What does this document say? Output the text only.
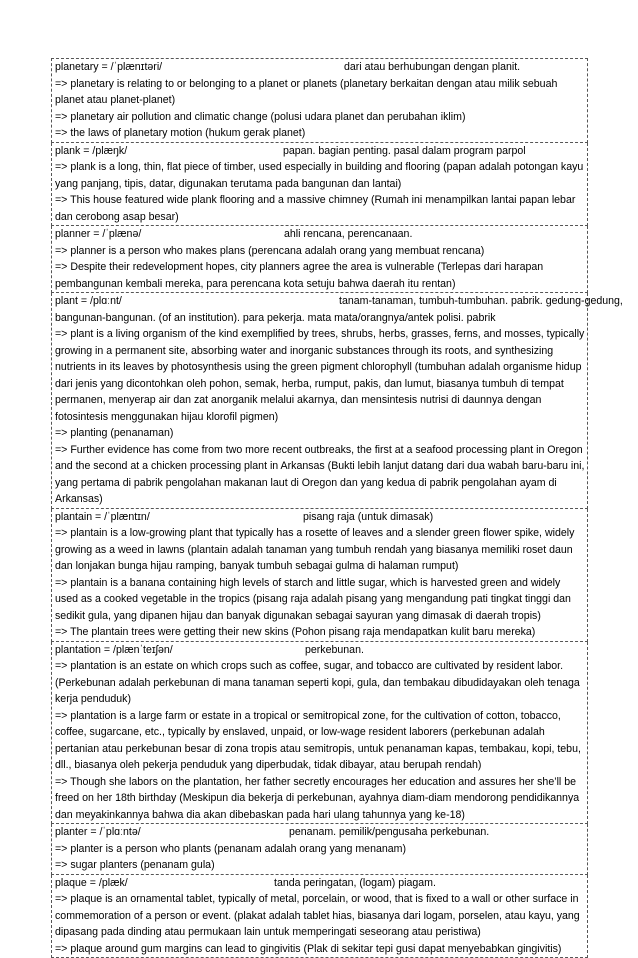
planetary = /ˈplænɪtəri/	dari atau berhubungan dengan planit.
=> planetary is relating to or belonging to a planet or planets (planetary berkaitan dengan atau milik sebuah planet atau planet-planet)
=> planetary air pollution and climatic change (polusi udara planet dan perubahan iklim)
=> the laws of planetary motion (hukum gerak planet)
plank = /plæŋk/	papan. bagian penting. pasal dalam program parpol
=> plank is a long, thin, flat piece of timber, used especially in building and flooring (papan adalah potongan kayu yang panjang, tipis, datar, digunakan terutama pada bangunan dan lantai)
=> This house featured wide plank flooring and a massive chimney (Rumah ini menampilkan lantai papan lebar dan cerobong asap besar)
planner = /ˈplænə/	ahli rencana, perencanaan.
=> planner is a person who makes plans (perencana adalah orang yang membuat rencana)
=> Despite their redevelopment hopes, city planners agree the area is vulnerable (Terlepas dari harapan pembangunan kembali mereka, para perencana kota setuju bahwa daerah itu rentan)
plant = /plɑːnt/	tanam-tanaman, tumbuh-tumbuhan. pabrik. gedung-gedung,
bangunan-bangunan. (of an institution). para pekerja. mata mata/orangnya/antek polisi. pabrik
=> plant is a living organism of the kind exemplified by trees, shrubs, herbs, grasses, ferns, and mosses, typically growing in a permanent site, absorbing water and inorganic substances through its roots, and synthesizing nutrients in its leaves by photosynthesis using the green pigment chlorophyll (tumbuhan adalah organisme hidup dari jenis yang dicontohkan oleh pohon, semak, herba, rumput, pakis, dan lumut, biasanya tumbuh di tempat permanen, menyerap air dan zat anorganik melalui akarnya, dan mensintesis nutrisi di daunnya dengan fotosintesis menggunakan hijau klorofil pigmen)
=> planting (penanaman)
=> Further evidence has come from two more recent outbreaks, the first at a seafood processing plant in Oregon and the second at a chicken processing plant in Arkansas (Bukti lebih lanjut datang dari dua wabah baru-baru ini, yang pertama di pabrik pengolahan makanan laut di Oregon dan yang kedua di pabrik pengolahan ayam di Arkansas)
plantain = /ˈplæntɪn/	pisang raja (untuk dimasak)
=> plantain is a low-growing plant that typically has a rosette of leaves and a slender green flower spike, widely growing as a weed in lawns (plantain adalah tanaman yang tumbuh rendah yang biasanya memiliki roset daun dan lonjakan bunga hijau ramping, banyak tumbuh sebagai gulma di halaman rumput)
=> plantain is a banana containing high levels of starch and little sugar, which is harvested green and widely used as a cooked vegetable in the tropics (pisang raja adalah pisang yang mengandung pati tingkat tinggi dan sedikit gula, yang dipanen hijau dan banyak digunakan sebagai sayuran yang dimasak di daerah tropis)
=> The plantain trees were getting their new skins (Pohon pisang raja mendapatkan kulit baru mereka)
plantation = /plænˈteɪʃən/	perkebunan.
=> plantation is an estate on which crops such as coffee, sugar, and tobacco are cultivated by resident labor. (Perkebunan adalah perkebunan di mana tanaman seperti kopi, gula, dan tembakau dibudidayakan oleh tenaga kerja penduduk)
=> plantation is a large farm or estate in a tropical or semitropical zone, for the cultivation of cotton, tobacco, coffee, sugarcane, etc., typically by enslaved, unpaid, or low-wage resident laborers (perkebunan adalah pertanian atau perkebunan besar di zona tropis atau semitropis, untuk penanaman kapas, tembakau, kopi, tebu, dll., biasanya oleh pekerja penduduk yang diperbudak, tidak dibayar, atau berupah rendah)
=> Though she labors on the plantation, her father secretly encourages her education and assures her she’ll be freed on her 18th birthday (Meskipun dia bekerja di perkebunan, ayahnya diam-diam mendorong pendidikannya dan meyakinkannya bahwa dia akan dibebaskan pada hari ulang tahunnya yang ke-18)
planter = /ˈplɑːntə/	penanam. pemilik/pengusaha perkebunan.
=> planter is a person who plants (penanam adalah orang yang menanam)
=> sugar planters (penanam gula)
plaque = /plæk/	tanda peringatan, (logam) piagam.
=> plaque is an ornamental tablet, typically of metal, porcelain, or wood, that is fixed to a wall or other surface in commemoration of a person or event. (plakat adalah tablet hias, biasanya dari logam, porselen, atau kayu, yang dipasang pada dinding atau permukaan lain untuk memperingati seseorang atau peristiwa)
=> plaque around gum margins can lead to gingivitis (Plak di sekitar tepi gusi dapat menyebabkan gingivitis)
